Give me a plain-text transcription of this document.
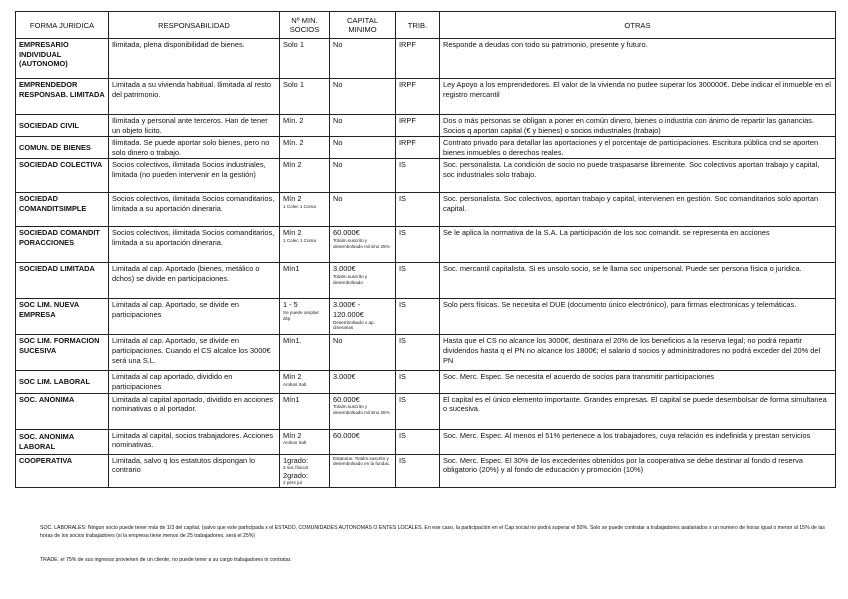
FORMA JURIDICA	RESPONSABILIDAD	Nº MIN. SOCIOS	CAPITAL MINIMO	TRIB.	OTRAS

EMPRESARIO INDIVIDUAL (AUTONOMO)	Ilimitada, plena disponibilidad de bienes.	Solo 1	No	IRPF	Responde a deudas con todo su patrimonio, presente y futuro.

EMPRENDEDOR RESPONSAB. LIMITADA	Limitada a su vivienda habitual. Ilimitada al resto del patrimonio.	Solo 1	No	IRPF	Ley Apoyo a los emprendedores. El valor de la vivienda no pudee superar los 300000€. Debe indicar el inmueble en el registro mercantil

SOCIEDAD CIVIL	Ilimitada y personal ante terceros. Han de tener un objeto lícito.	Mín. 2	No	IRPF	Dos o más personas se obligan a poner en común dinero, bienes o industria con ánimo de repartir las ganancias. Socios q aportan capital (€ y bienes) o socios industriales (trabajo)

COMUN. DE BIENES	Ilimitada. Se puede aportar solo bienes, pero no solo dinero o trabajo.	Mín. 2	No	IRPF	Contrato privado para detallar las aportaciones y el porcentaje de participaciones. Escritura pública cnd se aporten bienes inmuebles o derechos reales.

SOCIEDAD COLECTIVA	Socios colectivos, ilimitada Socios industriales, limitada (no pueden intervenir en la gestión)	Mín 2	No	IS	Soc. personalista. La condición de socio no puede traspasarse libremente. Soc colectivos aportan trabajo y capital, soc industriales solo trabajo.

SOCIEDAD COMANDITSIMPLE	Socios colectivos, ilimitada Socios comanditarios, limitada a su aportación dineraria.	Mín 2
1 Colec 1 Coma	No	IS	Soc. personalista. Soc colectivos, aportan trabajo y capital, intervienen en gestión. Soc comanditarios solo aportan capital.

SOCIEDAD COMANDIT PORACCIONES	Socios colectivos, ilimitada Socios comanditarios, limitada a su aportación dineraria.	Mín 2
1 Colec 1 Coma	60.000€
Totalm.suscrito y desembolsado mínimo 25%	IS	Se le aplica la normativa de la S.A. La participación de los soc comandit. se representa en acciones

SOCIEDAD LIMITADA	Limitada al cap. Aportado (bienes, metálico o dchos) se divide en participaciones.	Mín1	3.000€
Totalm.suscrito y desembolsado	IS	Soc. mercantil capitalista. Si es unsolo socio, se le llama soc unipersonal. Puede ser persona física o jurídica.

SOC LIM. NUEVA EMPRESA	Limitada al cap. Aportado, se divide en participaciones	1 - 5
Se puede ampliar dsp	3.000€ - 120.000€
Desembolsado x ap. dinerarias	IS	Solo pers físicas. Se necesita el DUE (documento único electrónico), para firmas electronicas y telemáticas.

SOC LIM. FORMACION SUCESIVA	Limitada al cap. Aportado, se divide en participaciones. Cuando el CS alcalce los 3000€ será una S.L.	Mín1.	No	IS	Hasta que el CS no alcance los 3000€, destinara el 20% de los beneficios a la reserva legal; no podrá repartir dividendos hasta q el PN no alcance los 1800€; el salario d socios y administradores no podrá exceder del 20% del PN

SOC LIM. LABORAL	Limitada al cap aportado, dividido en participaciones	Mín 2
Ambos trab	3.000€	IS	Soc. Merc. Espec. Se necesita el acuerdo de socios para transmitir participaciones

SOC. ANONIMA	Limitada al capital aportado, dividido en acciones nominativas o al portador.	Mín1	60.000€
Totalm.suscrito y desembolsado mínimo 25%	IS	El capital es el único elemento importante. Grandes empresas. El capital se puede desembolsar de forma simultanea o sucesiva.

SOC. ANONIMA LABORAL	Limitada al capital, socios trabajadores. Acciones nominativas.	Mín 2
Ambos trab	60.000€	IS	Soc. Merc. Espec. Al menos el 51% pertenece a los trabajadores, cuya relación es indefinida y prestan servicios

COOPERATIVA	Limitada, salvo q los estatutos dispongan lo contrario	1grado:
3 soc físicos
2grado:
2 pers jur	Estatutos. Totalm.suscrito y desembolsado en la fundac.	IS	Soc. Merc. Espec. El 30% de los excedentes obtenidos por la cooperativa se debe destinar al fondo d reserva obligatorio (20%) y al fondo de educación y promoción (10%)
SOC. LABORALES: Ningun socio puede tener más de 1/3 del capital, (salvo que este participada x el ESTADO, COMUNIDADES AUTONOMAS O ENTES LOCALES. En ese caso, la participación en el Cap social no podrá superar el 50%. Solo se puede contratar a trabajadores asalariados x un numero de horas igual o menor al 15% de las horas de los socios trabajadores (si la empresa tiene menos de 25 trabajadores, será el 25%)
TRADE: el 75% de sus ingresos provienen de un cliente, no puede tener a su cargo trabajadores ni contratar.
